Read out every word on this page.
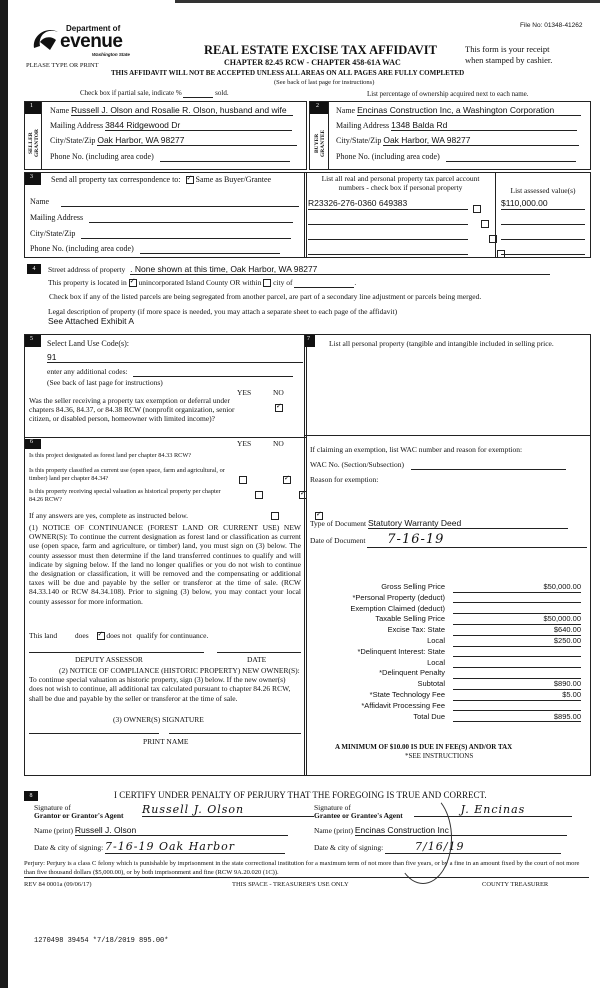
Department of
evenue
Washington State
PLEASE TYPE OR PRINT
File No: 01348-41262
REAL ESTATE EXCISE TAX AFFIDAVIT
CHAPTER 82.45 RCW - CHAPTER 458-61A WAC
This form is your receipt
when stamped by cashier.
THIS AFFIDAVIT WILL NOT BE ACCEPTED UNLESS ALL AREAS ON ALL PAGES ARE FULLY COMPLETED
(See back of last page for instructions)
Check box if partial sale, indicate %	sold.	List percentage of ownership acquired next to each name.
1
SELLER GRANTOR
Name Russell J. Olson and Rosalie R. Olson, husband and wife
Mailing Address 3844 Ridgewood Dr
City/State/Zip Oak Harbor, WA 98277
Phone No. (including area code)
2
BUYER GRANTEE
Name Encinas Construction Inc, a Washington Corporation
Mailing Address 1348 Balda Rd
City/State/Zip Oak Harbor, WA 98277
Phone No. (including area code)
3 Send all property tax correspondence to: ✓ Same as Buyer/Grantee
Name
Mailing Address
City/State/Zip
Phone No. (including area code)
List all real and personal property tax parcel account numbers - check box if personal property	List assessed value(s)
R23326-276-0360 649383	$110,000.00
4	Street address of property . None shown at this time, Oak Harbor, WA 98277
This property is located in ✓ unincorporated Island County OR within city of	.
Check box if any of the listed parcels are being segregated from another parcel, are part of a secondary line adjustment or parcels being merged.
Legal description of property (if more space is needed, you may attach a separate sheet to each page of the affidavit)
See Attached Exhibit A
5 Select Land Use Code(s):
91
enter any additional codes:
(See back of last page for instructions)
YES	NO
Was the seller receiving a property tax exemption or deferral under chapters 84.36, 84.37, or 84.38 RCW (nonprofit organization, senior citizen, or disabled person, homeowner with limited income)?
✓
6	YES	NO
If any answers are yes, complete as instructed below.
(1) NOTICE OF CONTINUANCE (FOREST LAND OR CURRENT USE) NEW OWNER(S): To continue the current designation as forest land or classification as current use (open space, farm and agriculture, or timber) land, you must sign on (3) below. The county assessor must then determine if the land transferred continues to qualify and will indicate by signing below. If the land no longer qualifies or you do not wish to continue the designation or classification, it will be removed and the compensating or additional taxes will be due and payable by the seller or transferor at the time of sale. (RCW 84.33.140 or RCW 84.34.108). Prior to signing (3) below, you may contact your local county assessor for more information.
This land does ✓ does not qualify for continuance.
DEPUTY ASSESSOR	DATE
(2) NOTICE OF COMPLIANCE (HISTORIC PROPERTY) NEW OWNER(S): To continue special valuation as historic property, sign (3) below. If the new owner(s) does not wish to continue, all additional tax calculated pursuant to chapter 84.26 RCW, shall be due and payable by the seller or transferor at the time of sale.
(3) OWNER(S) SIGNATURE
PRINT NAME
Is this project designated as forest land per chapter 84.33 RCW?
✓
Is this property classified as current use (open space, farm and agricultural, or timber) land per chapter 84.34?
✓
Is this property receiving special valuation as historical property per chapter 84.26 RCW?
✓
7	List all personal property (tangible and intangible included in selling price.
If claiming an exemption, list WAC number and reason for exemption:
WAC No. (Section/Subsection)
Reason for exemption:
Type of Document Statutory Warranty Deed
Date of Document 7-16-19
A MINIMUM OF $10.00 IS DUE IN FEE(S) AND/OR TAX
*SEE INSTRUCTIONS
Gross Selling Price	$50,000.00
*Personal Property (deduct)
Exemption Claimed (deduct)
Taxable Selling Price	$50,000.00
Excise Tax: State	$640.00
Local	$250.00
*Delinquent Interest: State
Local
*Delinquent Penalty
Subtotal	$890.00
*State Technology Fee	$5.00
*Affidavit Processing Fee
Total Due	$895.00
8	I CERTIFY UNDER PENALTY OF PERJURY THAT THE FOREGOING IS TRUE AND CORRECT.
Signature of
Grantor or Grantor's Agent Russell J. Olson
Name (print) Russell J. Olson
Date & city of signing: 7-16-19 Oak Harbor
Signature of
Grantee or Grantee's Agent	J. Encinas
Name (print) Encinas Construction Inc
Date & city of signing:	7/16/19
Perjury: Perjury is a class C felony which is punishable by imprisonment in the state correctional institution for a maximum term of not more than five years, or by a fine in an amount fixed by the court of not more than five thousand dollars ($5,000.00), or by both imprisonment and fine (RCW 9A.20.020 (1C)).
REV 84 0001a (09/06/17)	THIS SPACE - TREASURER'S USE ONLY	COUNTY TREASURER
1270498 39454 *7/18/2019 895.00*
